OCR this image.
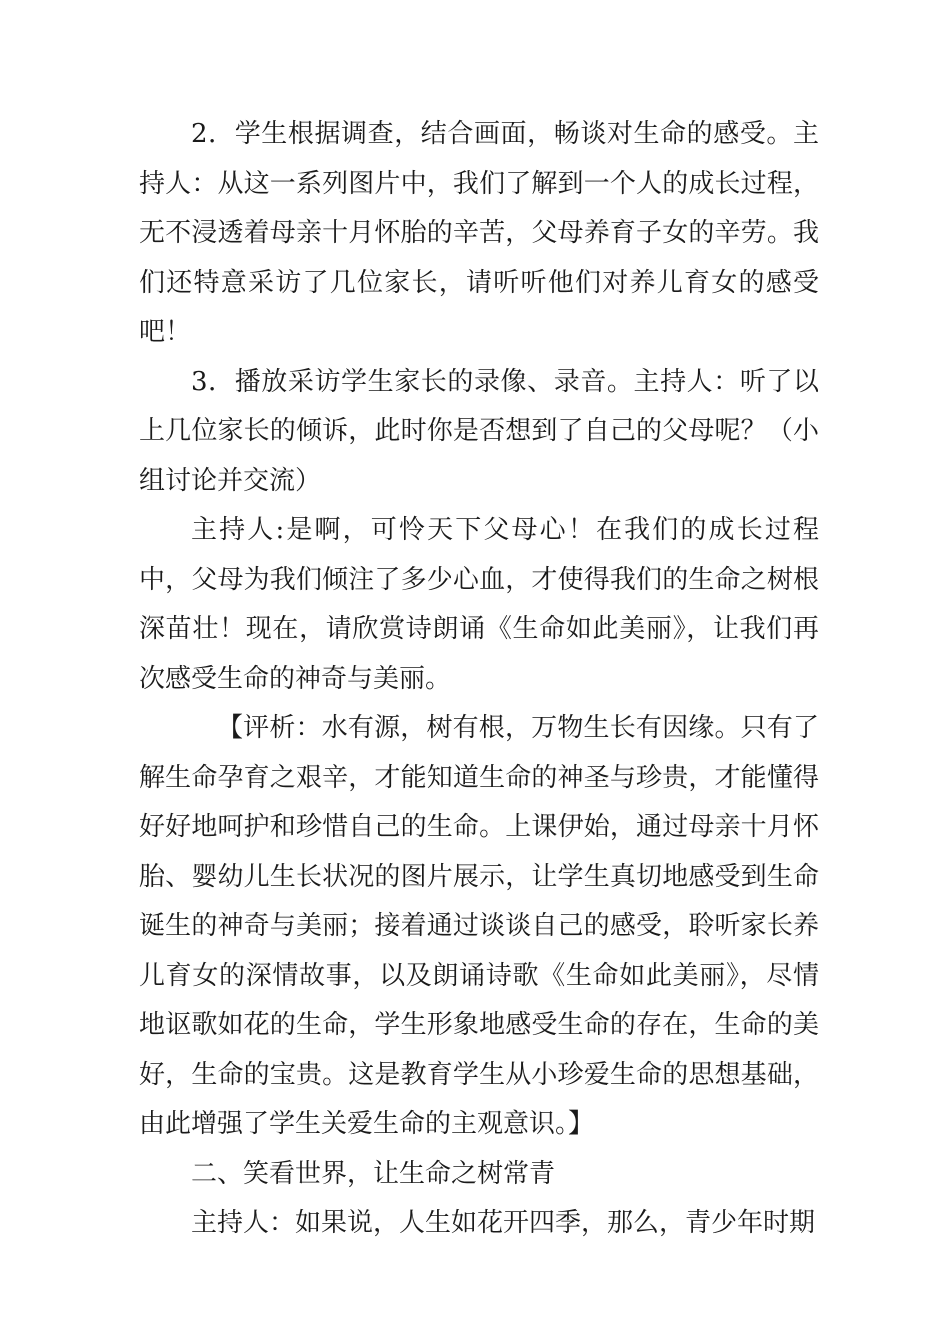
2．学生根据调查，结合画面，畅谈对生命的感受。主持人：从这一系列图片中，我们了解到一个人的成长过程，无不浸透着母亲十月怀胎的辛苦，父母养育子女的辛劳。我们还特意采访了几位家长，请听听他们对养儿育女的感受吧！

3．播放采访学生家长的录像、录音。主持人：听了以上几位家长的倾诉，此时你是否想到了自己的父母呢？（小组讨论并交流）

主持人:是啊，可怜天下父母心！在我们的成长过程中，父母为我们倾注了多少心血，才使得我们的生命之树根深苗壮！现在，请欣赏诗朗诵《生命如此美丽》，让我们再次感受生命的神奇与美丽。

【评析：水有源，树有根，万物生长有因缘。只有了解生命孕育之艰辛，才能知道生命的神圣与珍贵，才能懂得好好地呵护和珍惜自己的生命。上课伊始，通过母亲十月怀胎、婴幼儿生长状况的图片展示，让学生真切地感受到生命诞生的神奇与美丽；接着通过谈谈自己的感受，聆听家长养儿育女的深情故事，以及朗诵诗歌《生命如此美丽》，尽情地讴歌如花的生命，学生形象地感受生命的存在，生命的美好，生命的宝贵。这是教育学生从小珍爱生命的思想基础，由此增强了学生关爱生命的主观意识。】

二、笑看世界，让生命之树常青

主持人：如果说，人生如花开四季，那么，青少年时期
